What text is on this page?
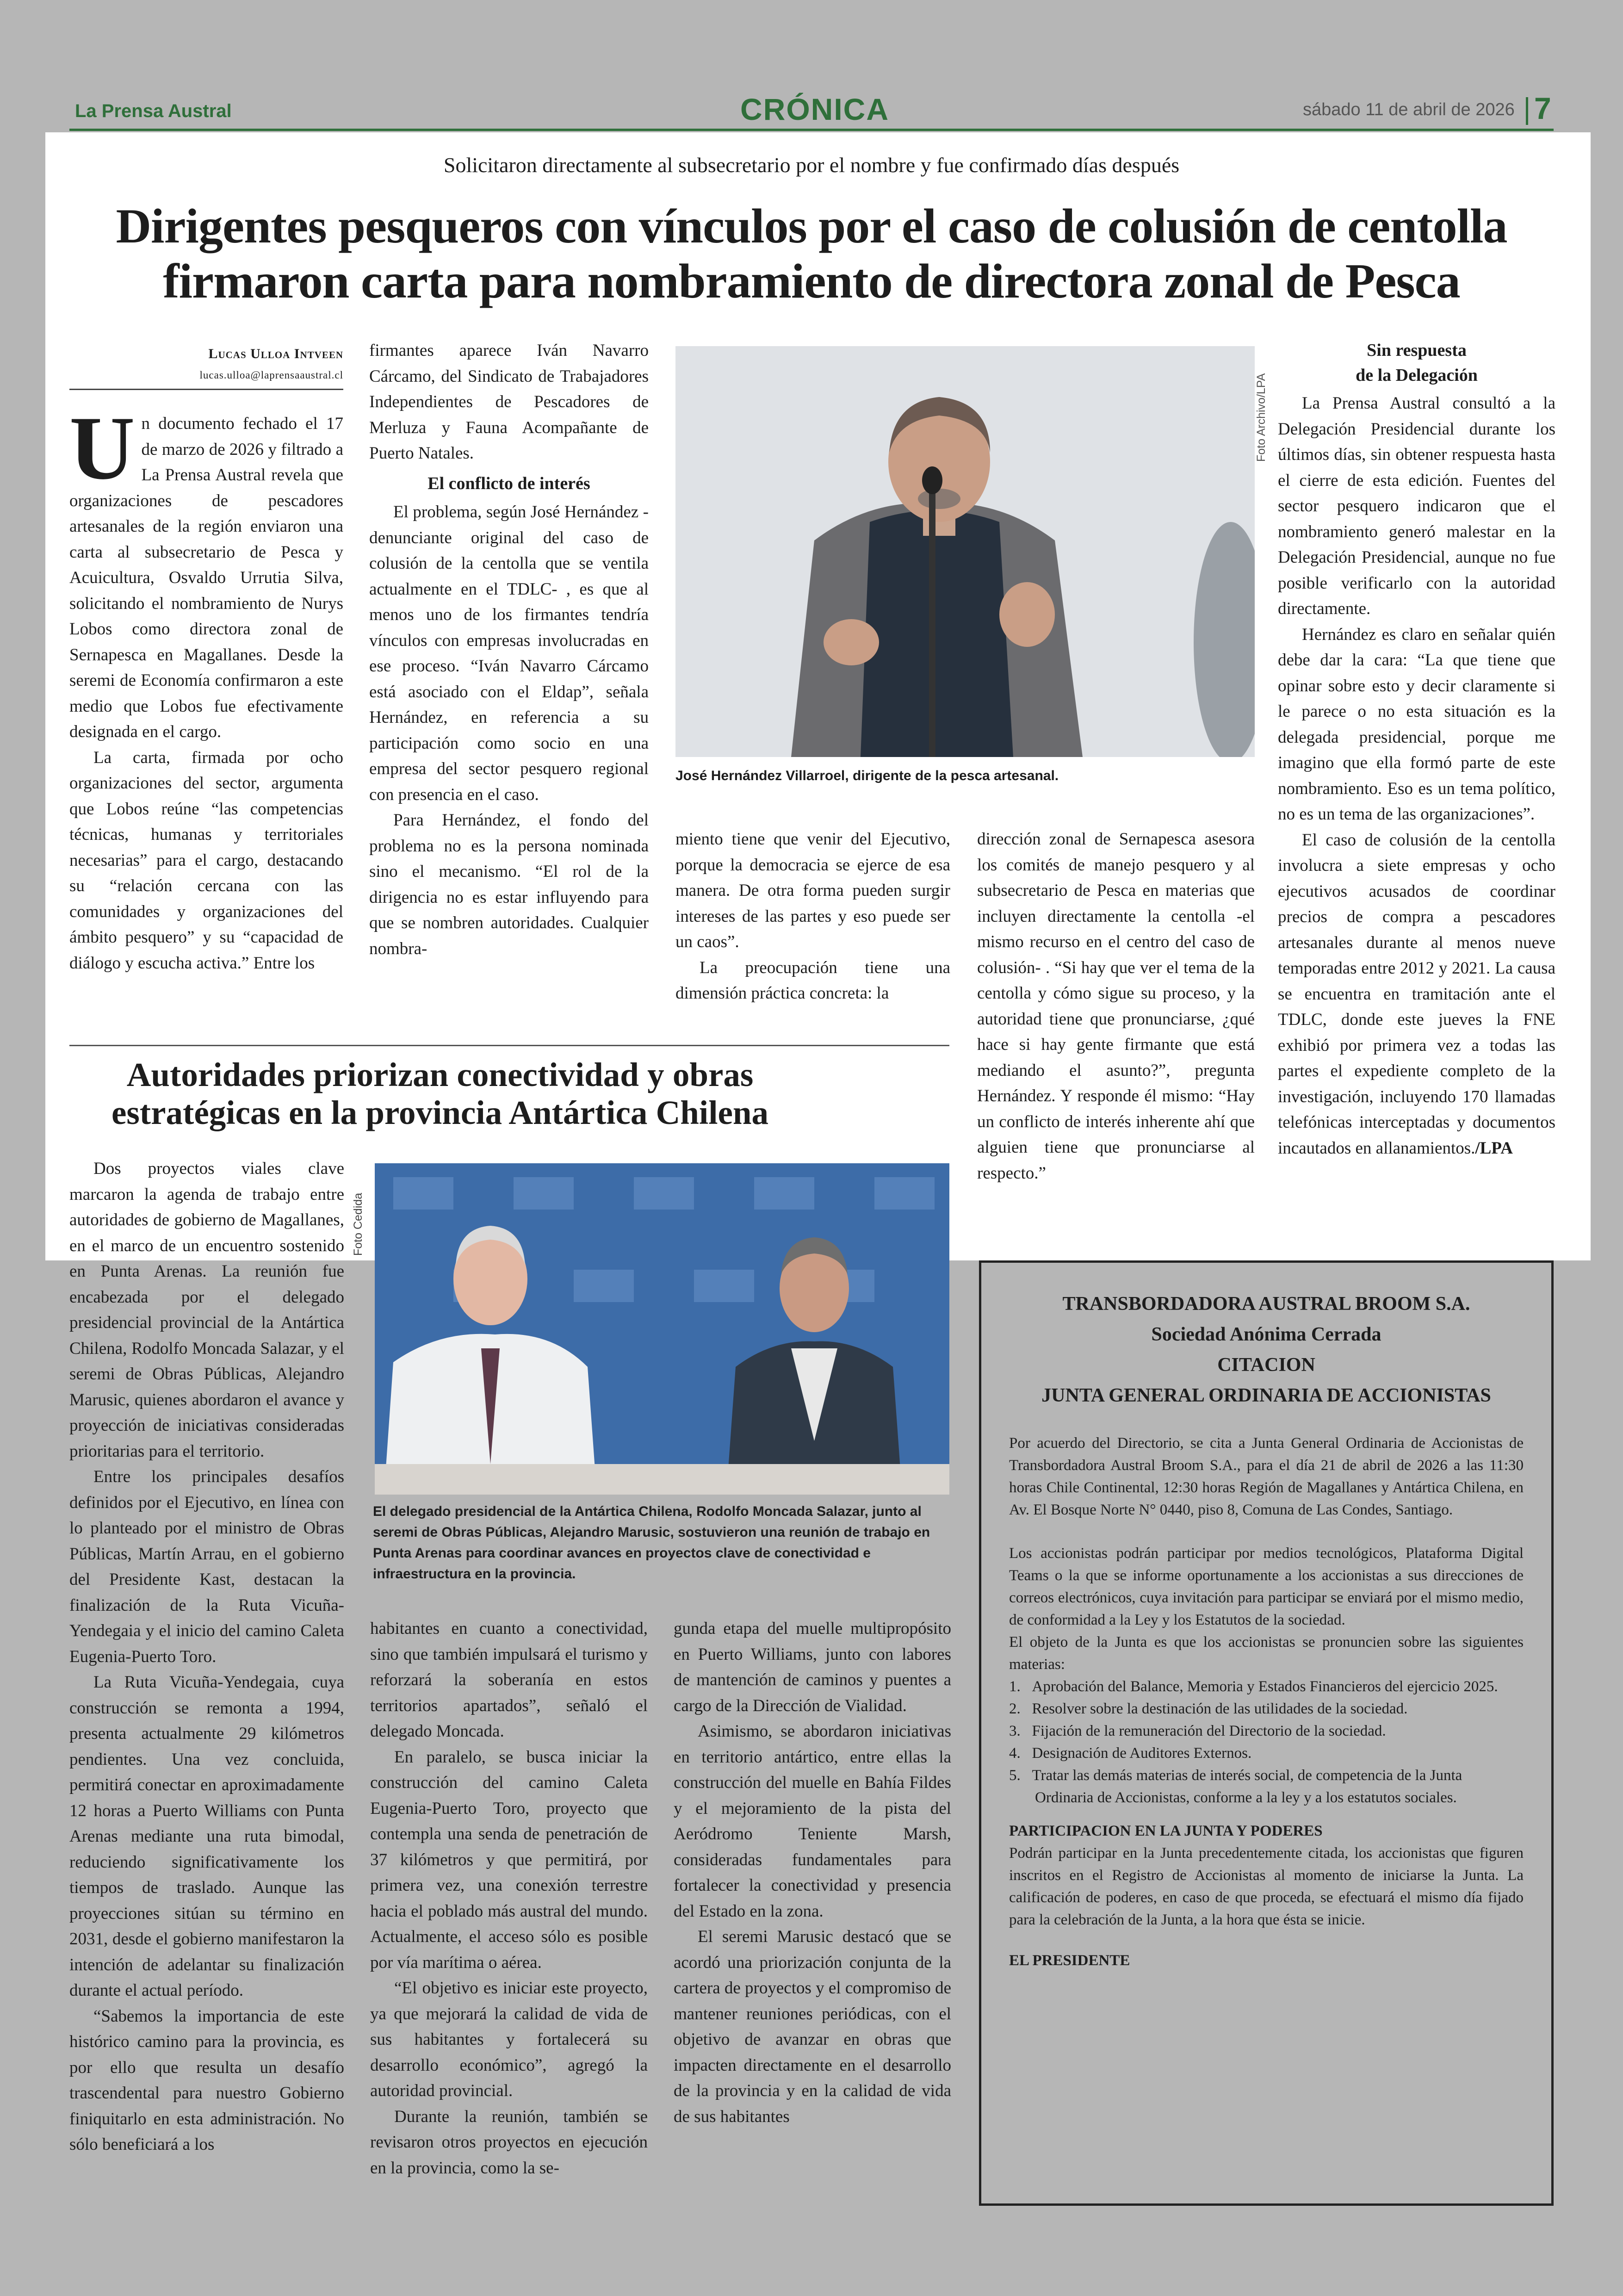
La Prensa Austral	CRÓNICA	sábado 11 de abril de 2026 7
Solicitaron directamente al subsecretario por el nombre y fue confirmado días después
Dirigentes pesqueros con vínculos por el caso de colusión de centolla
firmaron carta para nombramiento de directora zonal de Pesca
Lucas Ulloa Intveen
lucas.ulloa@laprensaaustral.cl

Un documento fechado el 17 de marzo de 2026 y filtrado a La Prensa Austral revela que organizaciones de pescadores artesanales de la región enviaron una carta al subsecretario de Pesca y Acuicultura, Osvaldo Urrutia Silva, solicitando el nombramiento de Nurys Lobos como directora zonal de Sernapesca en Magallanes. Desde la seremi de Economía confirmaron a este medio que Lobos fue efectivamente designada en el cargo.

La carta, firmada por ocho organizaciones del sector, argumenta que Lobos reúne “las competencias técnicas, humanas y territoriales necesarias” para el cargo, destacando su “relación cercana con las comunidades y organizaciones del ámbito pesquero” y su “capacidad de diálogo y escucha activa.” Entre los

firmantes aparece Iván Navarro Cárcamo, del Sindicato de Trabajadores Independientes de Pescadores de Merluza y Fauna Acompañante de Puerto Natales.

El conflicto de interés

El problema, según José Hernández -denunciante original del caso de colusión de la centolla que se ventila actualmente en el TDLC- , es que al menos uno de los firmantes tendría vínculos con empresas involucradas en ese proceso. “Iván Navarro Cárcamo está asociado con el Eldap”, señala Hernández, en referencia a su participación como socio en una empresa del sector pesquero regional con presencia en el caso.

Para Hernández, el fondo del problema no es la persona nominada sino el mecanismo. “El rol de la dirigencia no es estar influyendo para que se nombren autoridades. Cualquier nombra-

Foto Archivo/LPA
José Hernández Villarroel, dirigente de la pesca artesanal.

miento tiene que venir del Ejecutivo, porque la democracia se ejerce de esa manera. De otra forma pueden surgir intereses de las partes y eso puede ser un caos”.

La preocupación tiene una dimensión práctica concreta: la

dirección zonal de Sernapesca asesora los comités de manejo pesquero y al subsecretario de Pesca en materias que incluyen directamente la centolla -el mismo recurso en el centro del caso de colusión- . “Si hay que ver el tema de la centolla y cómo sigue su proceso, y la autoridad tiene que pronunciarse, ¿qué hace si hay gente firmante que está mediando el asunto?”, pregunta Hernández. Y responde él mismo: “Hay un conflicto de interés inherente ahí que alguien tiene que pronunciarse al respecto.”

Sin respuesta
de la Delegación

La Prensa Austral consultó a la Delegación Presidencial durante los últimos días, sin obtener respuesta hasta el cierre de esta edición. Fuentes del sector pesquero indicaron que el nombramiento generó malestar en la Delegación Presidencial, aunque no fue posible verificarlo con la autoridad directamente.

Hernández es claro en señalar quién debe dar la cara: “La que tiene que opinar sobre esto y decir claramente si le parece o no esta situación es la delegada presidencial, porque me imagino que ella formó parte de este nombramiento. Eso es un tema político, no es un tema de las organizaciones”.

El caso de colusión de la centolla involucra a siete empresas y ocho ejecutivos acusados de coordinar precios de compra a pescadores artesanales durante al menos nueve temporadas entre 2012 y 2021. La causa se encuentra en tramitación ante el TDLC, donde este jueves la FNE exhibió por primera vez a todas las partes el expediente completo de la investigación, incluyendo 170 llamadas telefónicas interceptadas y documentos incautados en allanamientos./LPA

Autoridades priorizan conectividad y obras
estratégicas en la provincia Antártica Chilena

Dos proyectos viales clave marcaron la agenda de trabajo entre autoridades de gobierno de Magallanes, en el marco de un encuentro sostenido en Punta Arenas. La reunión fue encabezada por el delegado presidencial provincial de la Antártica Chilena, Rodolfo Moncada Salazar, y el seremi de Obras Públicas, Alejandro Marusic, quienes abordaron el avance y proyección de iniciativas consideradas prioritarias para el territorio.

Entre los principales desafíos definidos por el Ejecutivo, en línea con lo planteado por el ministro de Obras Públicas, Martín Arrau, en el gobierno del Presidente Kast, destacan la finalización de la Ruta Vicuña-Yendegaia y el inicio del camino Caleta Eugenia-Puerto Toro.

La Ruta Vicuña-Yendegaia, cuya construcción se remonta a 1994, presenta actualmente 29 kilómetros pendientes. Una vez concluida, permitirá conectar en aproximadamente 12 horas a Puerto Williams con Punta Arenas mediante una ruta bimodal, reduciendo significativamente los tiempos de traslado. Aunque las proyecciones sitúan su término en 2031, desde el gobierno manifestaron la intención de adelantar su finalización durante el actual período.

“Sabemos la importancia de este histórico camino para la provincia, es por ello que resulta un desafío trascendental para nuestro Gobierno finiquitarlo en esta administración. No sólo beneficiará a los

Foto Cedida
El delegado presidencial de la Antártica Chilena, Rodolfo Moncada Salazar, junto al seremi de Obras Públicas, Alejandro Marusic, sostuvieron una reunión de trabajo en Punta Arenas para coordinar avances en proyectos clave de conectividad e infraestructura en la provincia.

habitantes en cuanto a conectividad, sino que también impulsará el turismo y reforzará la soberanía en estos territorios apartados”, señaló el delegado Moncada.

En paralelo, se busca iniciar la construcción del camino Caleta Eugenia-Puerto Toro, proyecto que contempla una senda de penetración de 37 kilómetros y que permitirá, por primera vez, una conexión terrestre hacia el poblado más austral del mundo. Actualmente, el acceso sólo es posible por vía marítima o aérea.

“El objetivo es iniciar este proyecto, ya que mejorará la calidad de vida de sus habitantes y fortalecerá su desarrollo económico”, agregó la autoridad provincial.

Durante la reunión, también se revisaron otros proyectos en ejecución en la provincia, como la se-

gunda etapa del muelle multipropósito en Puerto Williams, junto con labores de mantención de caminos y puentes a cargo de la Dirección de Vialidad.

Asimismo, se abordaron iniciativas en territorio antártico, entre ellas la construcción del muelle en Bahía Fildes y el mejoramiento de la pista del Aeródromo Teniente Marsh, consideradas fundamentales para fortalecer la conectividad y presencia del Estado en la zona.

El seremi Marusic destacó que se acordó una priorización conjunta de la cartera de proyectos y el compromiso de mantener reuniones periódicas, con el objetivo de avanzar en obras que impacten directamente en el desarrollo de la provincia y en la calidad de vida de sus habitantes

TRANSBORDADORA AUSTRAL BROOM S.A.
Sociedad Anónima Cerrada
CITACION
JUNTA GENERAL ORDINARIA DE ACCIONISTAS
Por acuerdo del Directorio, se cita a Junta General Ordinaria de Accionistas de Transbordadora Austral Broom S.A., para el día 21 de abril de 2026 a las 11:30 horas Chile Continental, 12:30 horas Región de Magallanes y Antártica Chilena, en Av. El Bosque Norte N° 0440, piso 8, Comuna de Las Condes, Santiago.
Los accionistas podrán participar por medios tecnológicos, Plataforma Digital Teams o la que se informe oportunamente a los accionistas a sus direcciones de correos electrónicos, cuya invitación para participar se enviará por el mismo medio, de conformidad a la Ley y los Estatutos de la sociedad.
El objeto de la Junta es que los accionistas se pronuncien sobre las siguientes materias:
1.   Aprobación del Balance, Memoria y Estados Financieros del ejercicio 2025.
2.   Resolver sobre la destinación de las utilidades de la sociedad.
3.   Fijación de la remuneración del Directorio de la sociedad.
4.   Designación de Auditores Externos.
5.   Tratar las demás materias de interés social, de competencia de la Junta Ordinaria de Accionistas, conforme a la ley y a los estatutos sociales.
PARTICIPACION EN LA JUNTA Y PODERES
Podrán participar en la Junta precedentemente citada, los accionistas que figuren inscritos en el Registro de Accionistas al momento de iniciarse la Junta. La calificación de poderes, en caso de que proceda, se efectuará el mismo día fijado para la celebración de la Junta, a la hora que ésta se inicie.
EL PRESIDENTE
